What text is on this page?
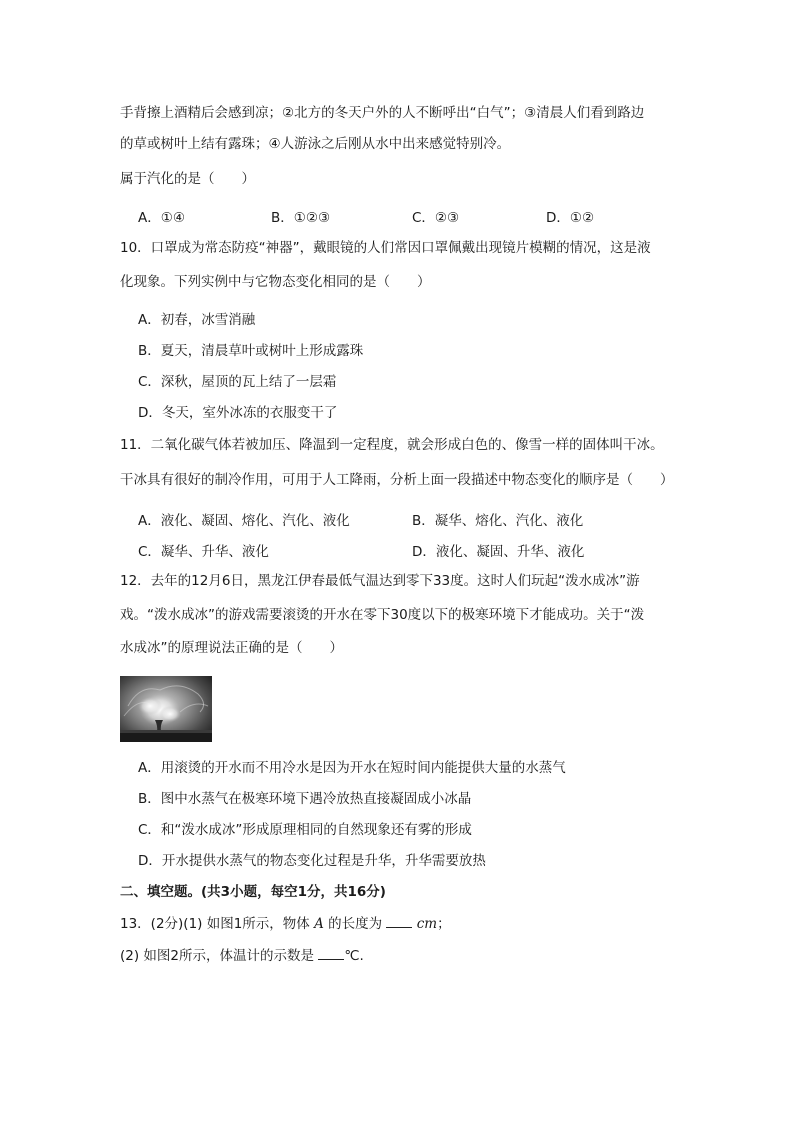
手背擦上酒精后会感到凉；②北方的冬天户外的人不断呼出“白气”；③清晨人们看到路边
的草或树叶上结有露珠；④人游泳之后刚从水中出来感觉特别冷。
属于汽化的是（　　）
A．①④	B．①②③	C．②③	D．①②
10．口罩成为常态防疫“神器”，戴眼镜的人们常因口罩佩戴出现镜片模糊的情况，这是液
化现象。下列实例中与它物态变化相同的是（　　）
A．初春，冰雪消融
B．夏天，清晨草叶或树叶上形成露珠
C．深秋，屋顶的瓦上结了一层霜
D．冬天，室外冰冻的衣服变干了
11．二氧化碳气体若被加压、降温到一定程度，就会形成白色的、像雪一样的固体叫干冰。
干冰具有很好的制冷作用，可用于人工降雨，分析上面一段描述中物态变化的顺序是（　　）
A．液化、凝固、熔化、汽化、液化	B．凝华、熔化、汽化、液化
C．凝华、升华、液化	D．液化、凝固、升华、液化
12．去年的12月6日，黑龙江伊春最低气温达到零下33度。这时人们玩起“泼水成冰”游
戏。“泼水成冰”的游戏需要滚烫的开水在零下30度以下的极寒环境下才能成功。关于“泼
水成冰”的原理说法正确的是（　　）
A．用滚烫的开水而不用冷水是因为开水在短时间内能提供大量的水蒸气
B．图中水蒸气在极寒环境下遇冷放热直接凝固成小冰晶
C．和“泼水成冰”形成原理相同的自然现象还有雾的形成
D．开水提供水蒸气的物态变化过程是升华，升华需要放热
二、填空题。(共3小题，每空1分，共16分)
13．(2分)(1) 如图1所示，物体 A 的长度为	cm；
(2) 如图2所示，体温计的示数是 ℃.
